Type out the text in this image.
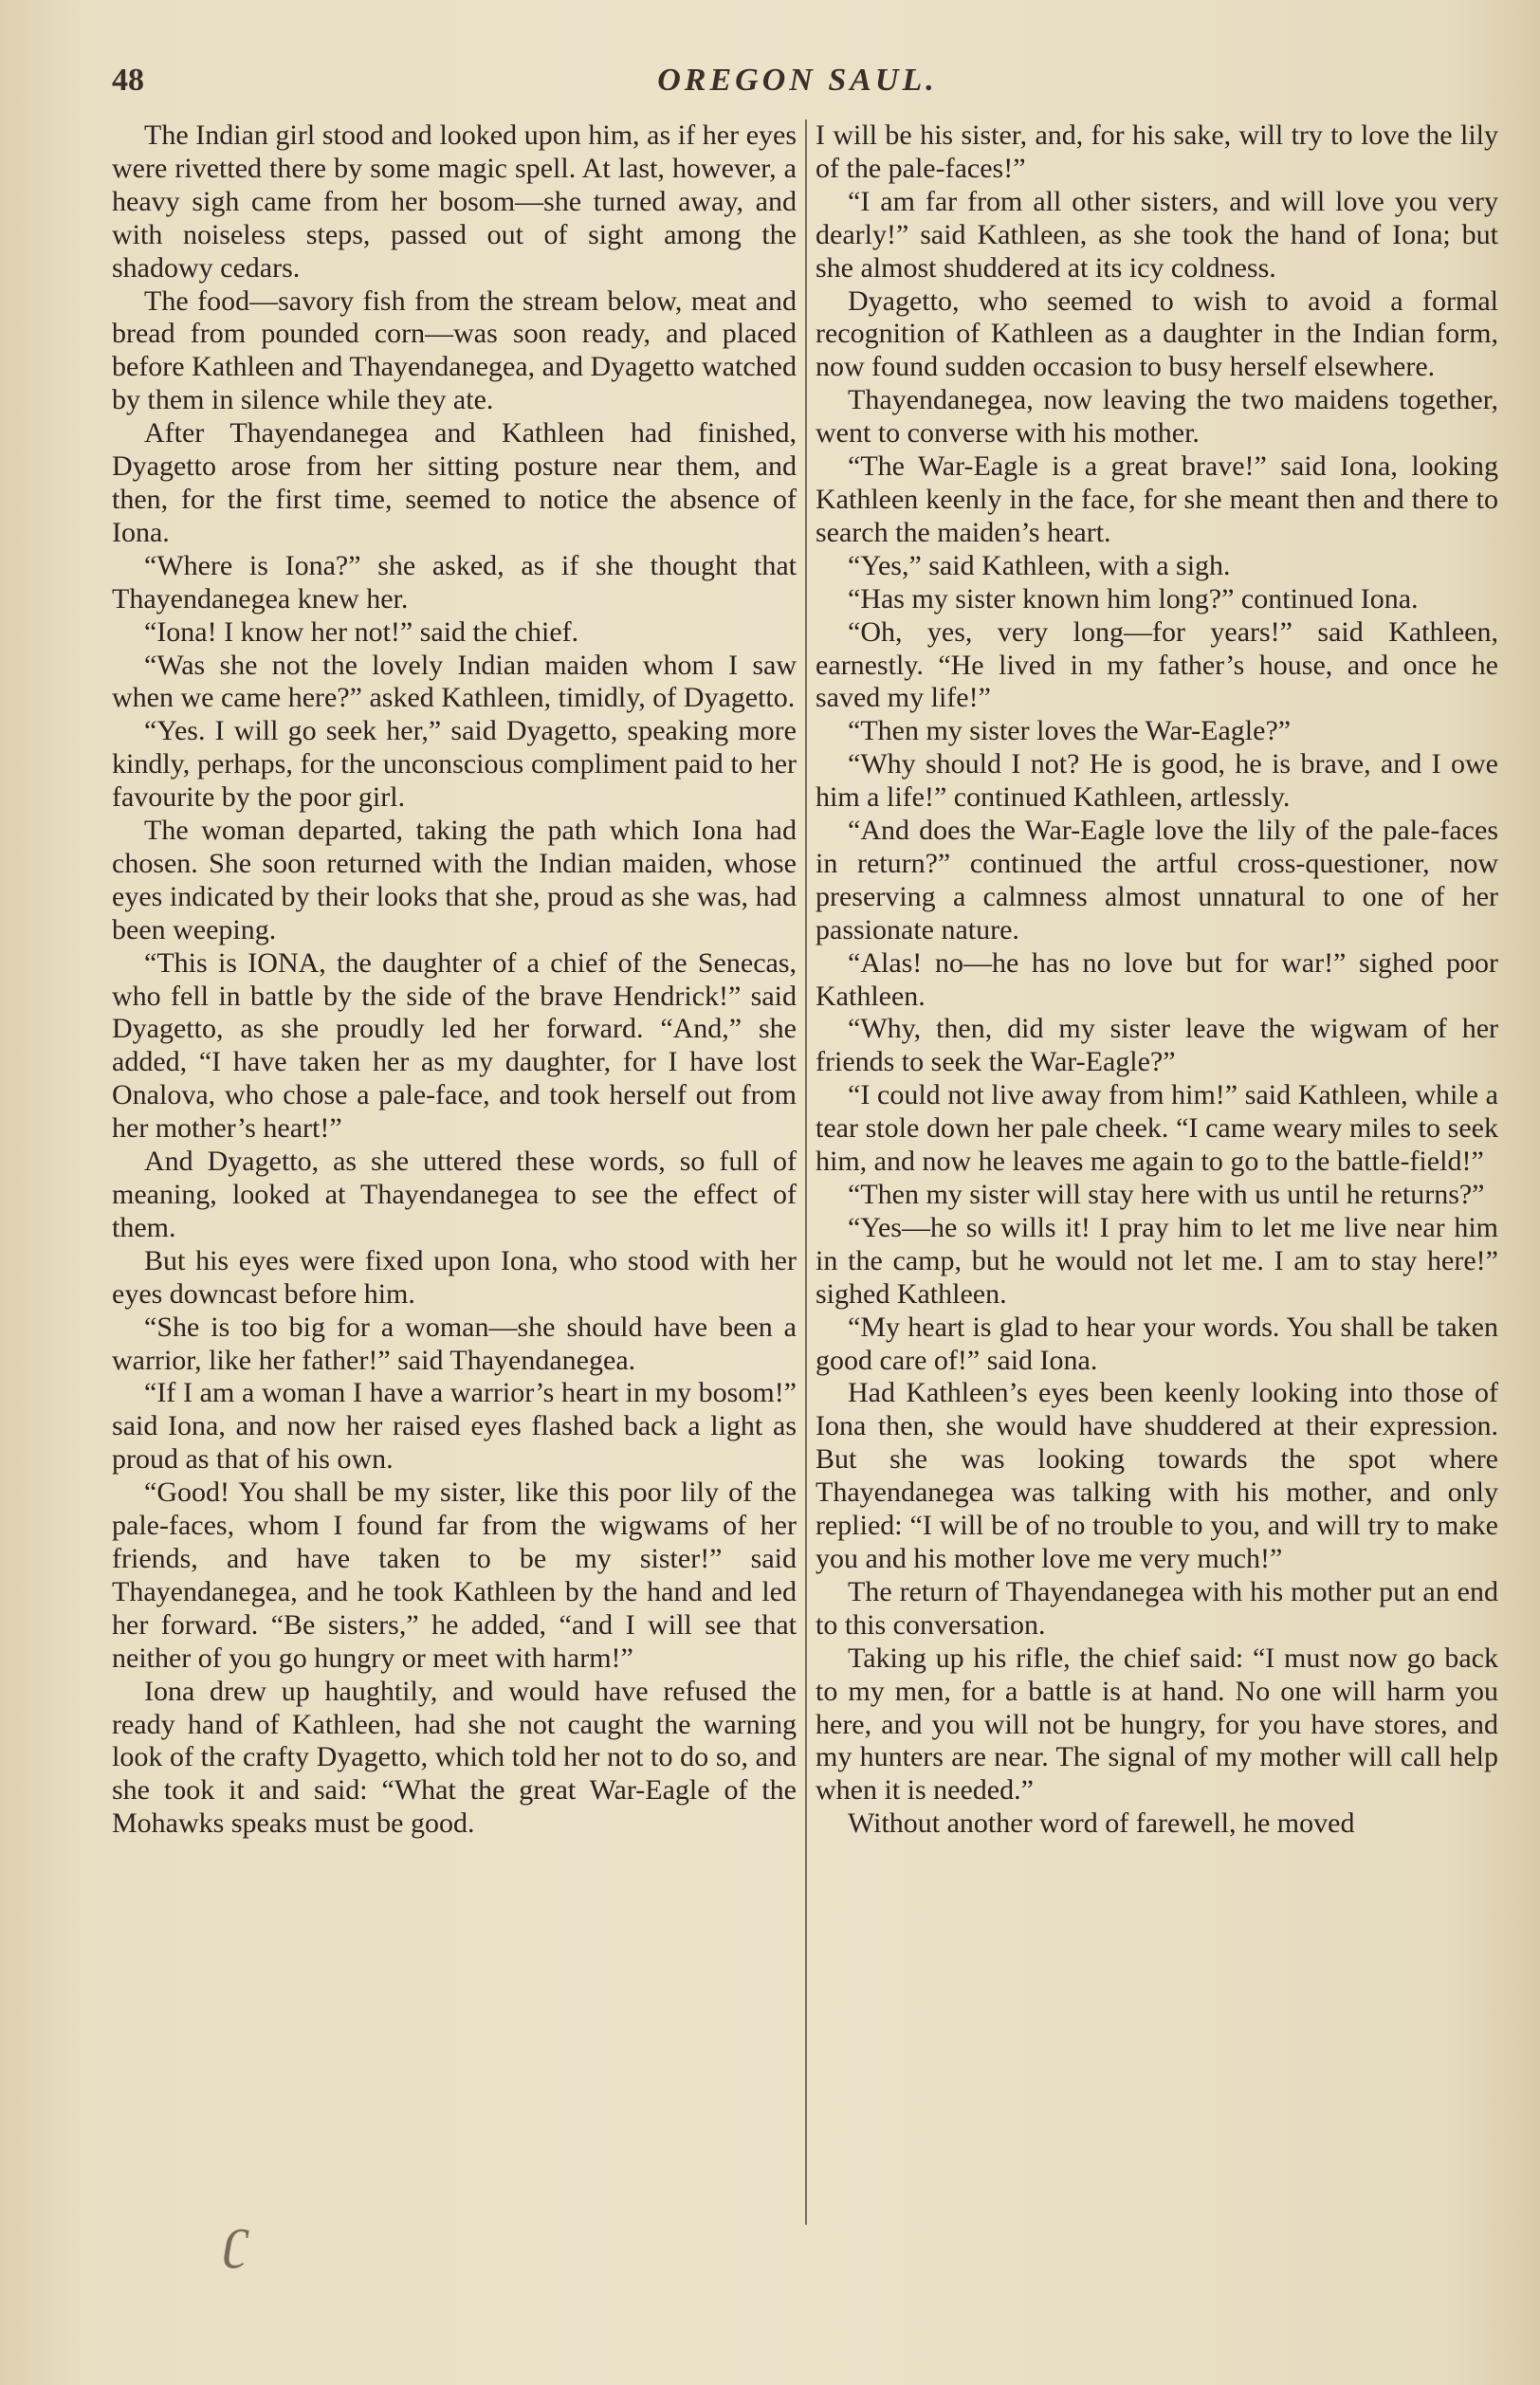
48	OREGON SAUL.

The Indian girl stood and looked upon him, as if her eyes were rivetted there by some magic spell. At last, however, a heavy sigh came from her bosom—she turned away, and with noiseless steps, passed out of sight among the shadowy cedars.

The food—savory fish from the stream below, meat and bread from pounded corn—was soon ready, and placed before Kathleen and Thayendanegea, and Dyagetto watched by them in silence while they ate.

After Thayendanegea and Kathleen had finished, Dyagetto arose from her sitting posture near them, and then, for the first time, seemed to notice the absence of Iona.

“Where is Iona?” she asked, as if she thought that Thayendanegea knew her.

“Iona! I know her not!” said the chief.

“Was she not the lovely Indian maiden whom I saw when we came here?” asked Kathleen, timidly, of Dyagetto.

“Yes. I will go seek her,” said Dyagetto, speaking more kindly, perhaps, for the unconscious compliment paid to her favourite by the poor girl.

The woman departed, taking the path which Iona had chosen. She soon returned with the Indian maiden, whose eyes indicated by their looks that she, proud as she was, had been weeping.

“This is IONA, the daughter of a chief of the Senecas, who fell in battle by the side of the brave Hendrick!” said Dyagetto, as she proudly led her forward. “And,” she added, “I have taken her as my daughter, for I have lost Onalova, who chose a pale-face, and took herself out from her mother’s heart!”

And Dyagetto, as she uttered these words, so full of meaning, looked at Thayendanegea to see the effect of them.

But his eyes were fixed upon Iona, who stood with her eyes downcast before him.

“She is too big for a woman—she should have been a warrior, like her father!” said Thayendanegea.

“If I am a woman I have a warrior’s heart in my bosom!” said Iona, and now her raised eyes flashed back a light as proud as that of his own.

“Good! You shall be my sister, like this poor lily of the pale-faces, whom I found far from the wigwams of her friends, and have taken to be my sister!” said Thayendanegea, and he took Kathleen by the hand and led her forward. “Be sisters,” he added, “and I will see that neither of you go hungry or meet with harm!”

Iona drew up haughtily, and would have refused the ready hand of Kathleen, had she not caught the warning look of the crafty Dyagetto, which told her not to do so, and she took it and said: “What the great War-Eagle of the Mohawks speaks must be good.

I will be his sister, and, for his sake, will try to love the lily of the pale-faces!”

“I am far from all other sisters, and will love you very dearly!” said Kathleen, as she took the hand of Iona; but she almost shuddered at its icy coldness.

Dyagetto, who seemed to wish to avoid a formal recognition of Kathleen as a daughter in the Indian form, now found sudden occasion to busy herself elsewhere.

Thayendanegea, now leaving the two maidens together, went to converse with his mother.

“The War-Eagle is a great brave!” said Iona, looking Kathleen keenly in the face, for she meant then and there to search the maiden’s heart.

“Yes,” said Kathleen, with a sigh.

“Has my sister known him long?” continued Iona.

“Oh, yes, very long—for years!” said Kathleen, earnestly. “He lived in my father’s house, and once he saved my life!”

“Then my sister loves the War-Eagle?”

“Why should I not? He is good, he is brave, and I owe him a life!” continued Kathleen, artlessly.

“And does the War-Eagle love the lily of the pale-faces in return?” continued the artful cross-questioner, now preserving a calmness almost unnatural to one of her passionate nature.

“Alas! no—he has no love but for war!” sighed poor Kathleen.

“Why, then, did my sister leave the wigwam of her friends to seek the War-Eagle?”

“I could not live away from him!” said Kathleen, while a tear stole down her pale cheek. “I came weary miles to seek him, and now he leaves me again to go to the battle-field!”

“Then my sister will stay here with us until he returns?”

“Yes—he so wills it! I pray him to let me live near him in the camp, but he would not let me. I am to stay here!” sighed Kathleen.

“My heart is glad to hear your words. You shall be taken good care of!” said Iona.

Had Kathleen’s eyes been keenly looking into those of Iona then, she would have shuddered at their expression. But she was looking towards the spot where Thayendanegea was talking with his mother, and only replied: “I will be of no trouble to you, and will try to make you and his mother love me very much!”

The return of Thayendanegea with his mother put an end to this conversation.

Taking up his rifle, the chief said: “I must now go back to my men, for a battle is at hand. No one will harm you here, and you will not be hungry, for you have stores, and my hunters are near. The signal of my mother will call help when it is needed.”

Without another word of farewell, he moved

ʗ
